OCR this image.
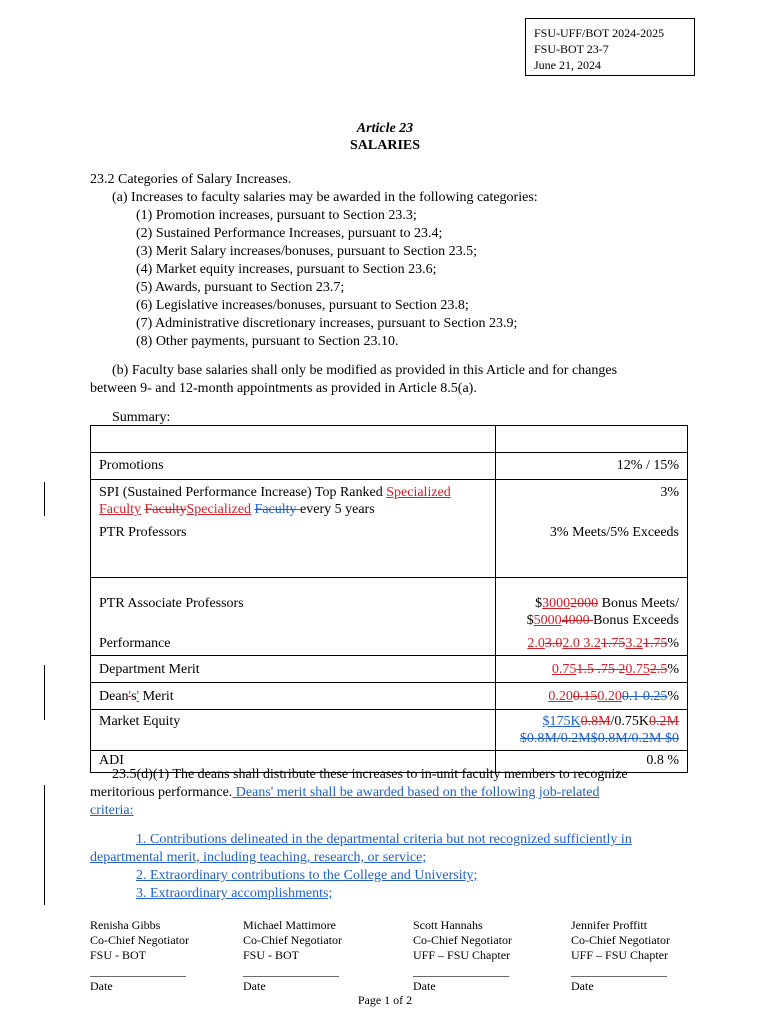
FSU-UFF/BOT 2024-2025
FSU-BOT 23-7
June 21, 2024
Article 23
SALARIES
23.2 Categories of Salary Increases.
(a) Increases to faculty salaries may be awarded in the following categories:
(1) Promotion increases, pursuant to Section 23.3;
(2) Sustained Performance Increases, pursuant to 23.4;
(3) Merit Salary increases/bonuses, pursuant to Section 23.5;
(4) Market equity increases, pursuant to Section 23.6;
(5) Awards, pursuant to Section 23.7;
(6) Legislative increases/bonuses, pursuant to Section 23.8;
(7) Administrative discretionary increases, pursuant to Section 23.9;
(8) Other payments, pursuant to Section 23.10.
(b) Faculty base salaries shall only be modified as provided in this Article and for changes
between 9- and 12-month appointments as provided in Article 8.5(a).
Summary:

Promotions	12% / 15%
SPI (Sustained Performance Increase) Top Ranked Specialized
Faculty FacultySpecialized Faculty every 5 years	3%
PTR Professors	3% Meets/5% Exceeds
PTR Associate Professors	$30002000 Bonus Meets/
$50004000 Bonus Exceeds
Performance	2.03.02.0 3.21.753.21.75%
Department Merit	0.751.5 .75 20.752.5%
Dean's' Merit	0.200.150.200.1 0.25%
Market Equity	$175K0.8M/0.75K0.2M
$0.8M/0.2M$0.8M/0.2M $0
ADI	0.8 %
23.5(d)(1) The deans shall distribute these increases to in-unit faculty members to recognize
meritorious performance. Deans' merit shall be awarded based on the following job-related
criteria:
1. Contributions delineated in the departmental criteria but not recognized sufficiently in
departmental merit, including teaching, research, or service;
2. Extraordinary contributions to the College and University;
3. Extraordinary accomplishments;
Renisha Gibbs
Co-Chief Negotiator
FSU - BOT
________________
Date
Michael Mattimore
Co-Chief Negotiator
FSU - BOT
________________
Date
Scott Hannahs
Co-Chief Negotiator
UFF – FSU Chapter
________________
Date
Jennifer Proffitt
Co-Chief Negotiator
UFF – FSU Chapter
________________
Date
Page 1 of 2
